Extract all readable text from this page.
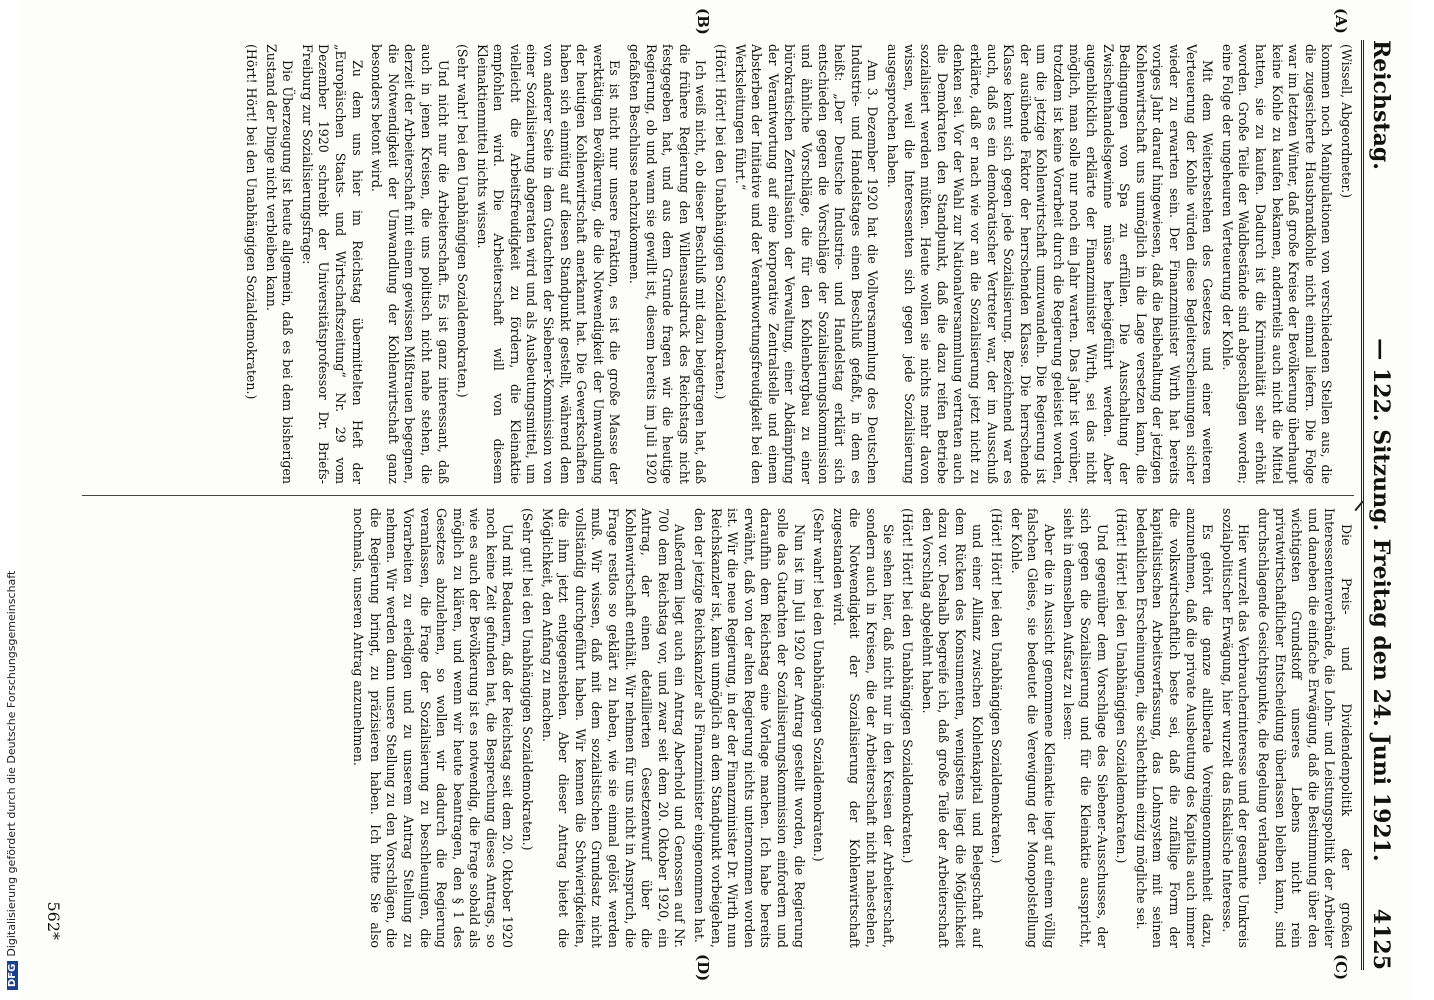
Reichstag.
— 122. Sitzung. Freitag den 24. Juni 1921.
4125
(A)
(B)
(C)
(D)

(Wissell, Abgeordneter.)

kommen noch Manipulationen von verschiedenen Stellen aus, die die zugesicherte Hausbrandkohle nicht einmal liefern. Die Folge war im letzten Winter, daß große Kreise der Bevölkerung überhaupt keine Kohle zu kaufen bekamen, andernteils auch nicht die Mittel hatten, sie zu kaufen. Dadurch ist die Kriminalität sehr erhöht worden. Große Teile der Waldbestände sind abgeschlagen worden; eine Folge der ungeheuren Verteuerung der Kohle.

Mit dem Weiterbestehen des Gesetzes und einer weiteren Verteuerung der Kohle würden diese Begleiterscheinungen sicher wieder zu erwarten sein. Der Finanzminister Wirth hat bereits voriges Jahr darauf hingewiesen, daß die Beibehaltung der jetzigen Kohlenwirtschaft uns unmöglich in die Lage versetzen kann, die Bedingungen von Spa zu erfüllen. Die Ausschaltung der Zwischenhandelsgewinne müsse herbeigeführt werden. Aber augenblicklich erklärte der Finanzminister Wirth, sei das nicht möglich, man solle nur noch ein Jahr warten. Das Jahr ist vorüber, trotzdem ist keine Vorarbeit durch die Regierung geleistet worden, um die jetzige Kohlenwirtschaft umzuwandeln. Die Regierung ist der ausübende Faktor der herrschenden Klasse. Die herrschende Klasse kennt sich gegen jede Sozialisierung. Bezeichnend war es auch, daß es ein demokratischer Vertreter war, der im Ausschuß erklärte, daß er nach wie vor an die Sozialisierung jetzt nicht zu denken sei. Vor der Wahl zur Nationalversammlung vertraten auch die Demokraten den Standpunkt, daß die dazu reifen Betriebe sozialisiert werden müßten. Heute wollen sie nichts mehr davon wissen, weil die Interessenten sich gegen jede Sozialisierung ausgesprochen haben.

Am 3. Dezember 1920 hat die Vollversammlung des Deutschen Industrie- und Handelstages einen Beschluß gefaßt, in dem es heißt: „Der Deutsche Industrie- und Handelstag erklärt sich entschieden gegen die Vorschläge der Sozialisierungskommission und ähnliche Vorschläge, die für den Kohlenbergbau zu einer bürokratischen Zentralisation der Verwaltung, einer Abdämpfung der Verantwortung auf eine korporative Zentralstelle und einem Absterben der Initiative und der Verantwortungsfreudigkeit bei den Werksleitungen führt.“

(Hört! Hört! bei den Unabhängigen Sozialdemokraten.)

Ich weiß nicht, ob dieser Beschluß mit dazu beigetragen hat, daß die frühere Regierung den Willensausdruck des Reichstags nicht festgegeben hat, und aus dem Grunde fragen wir die heutige Regierung, ob und wann sie gewillt ist, diesem bereits im Juli 1920 gefaßten Beschlusse nachzukommen.

Es ist nicht nur unsere Fraktion, es ist die große Masse der werktätigen Bevölkerung, die die Notwendigkeit der Umwandlung der heutigen Kohlenwirtschaft anerkannt hat. Die Gewerkschaften haben sich einmütig auf diesen Standpunkt gestellt, während dem von anderer Seite in dem Gutachten der Siebener-Kommission von einer Sozialisierung abgeraten wird und als Ausbeutungsmittel, um vielleicht die Arbeitsfreudigkeit zu fördern, die Kleinaktie empfohlen wird. Die Arbeiterschaft will von diesem Kleinaktienmittel nichts wissen.

(Sehr wahr! bei den Unabhängigen Sozialdemokraten.)

Und nicht nur die Arbeiterschaft. Es ist ganz interessant, daß auch in jenen Kreisen, die uns politisch nicht nahe stehen, die derzeit der Arbeiterschaft mit einem gewissen Mißtrauen begegnen, die Notwendigkeit der Umwandlung der Kohlenwirtschaft ganz besonders betont wird.

Zu dem uns hier im Reichstag übermittelten Heft der „Europäischen Staats- und Wirtschaftszeitung“ Nr. 29 vom Dezember 1920 schreibt der Universitätsprofessor Dr. Briefs-Freiburg zur Sozialisierungsfrage:

Die Überzeugung ist heute allgemein, daß es bei dem bisherigen Zustand der Dinge nicht verbleiben kann.

(Hört! Hört! bei den Unabhängigen Sozialdemokraten.)

Die Preis- und Dividendenpolitik der großen Interessentenverbände, die Lohn- und Leistungspolitik der Arbeiter und daneben die einfache Erwägung, daß die Bestimmung über den wichtigsten Grundstoff unseres Lebens nicht rein privatwirtschaftlicher Entscheidung überlassen bleiben kann, sind durchschlagende Gesichtspunkte, die Regelung verlangen.

Hier wurzelt das Verbraucherinteresse und der gesamte Umkreis sozialpolitischer Erwägung, hier wurzelt das fiskalische Interesse.

Es gehört die ganze altliberale Voreingenommenheit dazu, anzunehmen, daß die private Ausbeutung des Kapitals auch immer die volkswirtschaftlich beste sei, daß die zufällige Form der kapitalistischen Arbeitsverfassung, das Lohnsystem mit seinen bedenklichen Erscheinungen, die schlechthin einzig mögliche sei.

(Hört! Hört! bei den Unabhängigen Sozialdemokraten.)

Und gegenüber dem Vorschlage des Siebener-Ausschusses, der sich gegen die Sozialisierung und für die Kleinaktie ausspricht, sieht in demselben Aufsatz zu lesen:

Aber die in Aussicht genommene Kleinaktie liegt auf einem völlig falschen Gleise, sie bedeutet die Verewigung der Monopolstellung der Kohle.

(Hört! Hört! bei den Unabhängigen Sozialdemokraten.)

und einer Allianz zwischen Kohlenkapital und Belegschaft auf dem Rücken des Konsumenten, wenigstens liegt die Möglichkeit dazu vor. Deshalb begreife ich, daß große Teile der Arbeiterschaft den Vorschlag abgelehnt haben.

(Hört! Hört! bei den Unabhängigen Sozialdemokraten.)

Sie sehen hier, daß nicht nur in den Kreisen der Arbeiterschaft, sondern auch in Kreisen, die der Arbeiterschaft nicht nahestehen, die Notwendigkeit der Sozialisierung der Kohlenwirtschaft zugestanden wird.

(Sehr wahr! bei den Unabhängigen Sozialdemokraten.)

Nun ist im Juli 1920 der Antrag gestellt worden, die Regierung solle das Gutachten der Sozialisierungskommission einfordern und daraufhin dem Reichstag eine Vorlage machen. Ich habe bereits erwähnt, daß von der alten Regierung nichts unternommen worden ist. Wir die neue Regierung, in der der Finanzminister Dr. Wirth nun Reichskanzler ist, kann unmöglich an dem Standpunkt vorbeigehen, den der jetzige Reichskanzler als Finanzminister eingenommen hat.

Außerdem liegt auch ein Antrag Aberhold und Genossen auf Nr. 700 dem Reichstag vor, und zwar seit dem 20. Oktober 1920, ein Antrag, der einen detaillierten Gesetzentwurf über die Kohlenwirtschaft enthält. Wir nehmen für uns nicht in Anspruch, die Frage restlos so geklärt zu haben, wie sie einmal gelöst werden muß. Wir wissen, daß mit dem sozialistischen Grundsatz nicht vollständig durchgeführt haben. Wir kennen die Schwierigkeiten, die ihm jetzt entgegenstehen. Aber dieser Antrag bietet die Möglichkeit, den Anfang zu machen.

(Sehr gut! bei den Unabhängigen Sozialdemokraten.)

Und mit Bedauern, daß der Reichstag seit dem 20. Oktober 1920 noch keine Zeit gefunden hat, die Besprechung dieses Antrags, so wie es auch der Bevölkerung ist es notwendig, die Frage sobald als möglich zu klären, und wenn wir heute beantragen, den § 1 des Gesetzes abzulehnen, so wollen wir dadurch die Regierung veranlassen, die Frage der Sozialisierung zu beschleunigen, die Vorarbeiten zu erledigen und zu unserem Antrag Stellung zu nehmen. Wir werden dann unsere Stellung zu den Vorschlägen, die die Regierung bringt, zu präzisieren haben. Ich bitte Sie also nochmals, unseren Antrag anzunehmen.

562*
DFGDigitalisierung gefördert durch die Deutsche Forschungsgemeinschaft
